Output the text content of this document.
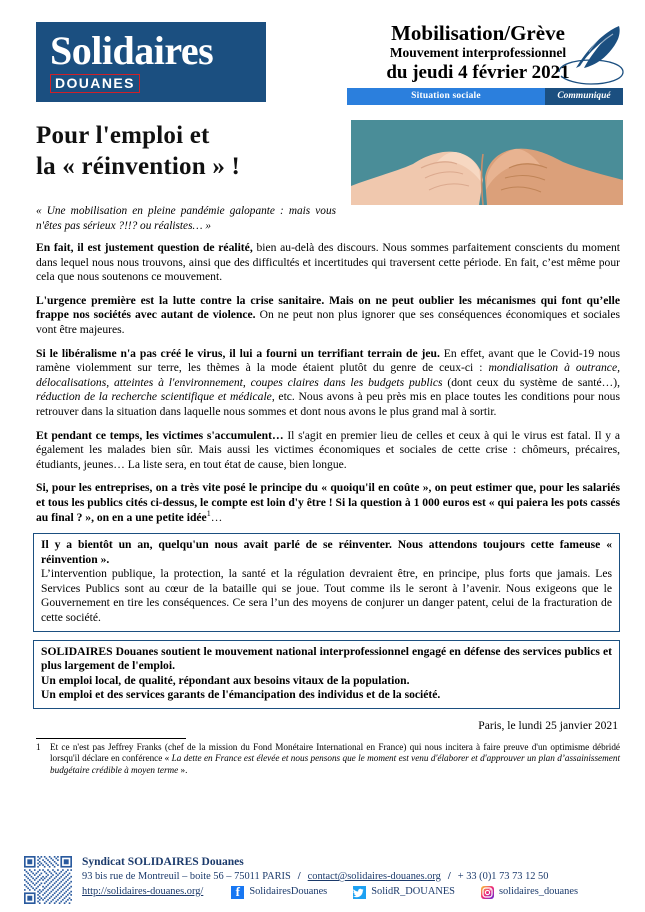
Solidaires
DOUANES
Mobilisation/Grève
Mouvement interprofessionnel
du jeudi 4 février 2021
Situation sociale	Communiqué
Pour l'emploi et
la « réinvention » !
« Une mobilisation en pleine pandémie galopante : mais vous n'êtes pas sérieux ?!!? ou réalistes… »

En fait, il est justement question de réalité, bien au-delà des discours. Nous sommes parfaitement conscients du moment dans lequel nous nous trouvons, ainsi que des difficultés et incertitudes qui traversent cette période. En fait, c’est même pour cela que nous soutenons ce mouvement.

L'urgence première est la lutte contre la crise sanitaire. Mais on ne peut oublier les mécanismes qui font qu’elle frappe nos sociétés avec autant de violence. On ne peut non plus ignorer que ses conséquences économiques et sociales vont être majeures.

Si le libéralisme n'a pas créé le virus, il lui a fourni un terrifiant terrain de jeu. En effet, avant que le Covid-19 nous ramène violemment sur terre, les thèmes à la mode étaient plutôt du genre de ceux-ci : mondialisation à outrance, délocalisations, atteintes à l'environnement, coupes claires dans les budgets publics (dont ceux du système de santé…), réduction de la recherche scientifique et médicale, etc. Nous avons à peu près mis en place toutes les conditions pour nous retrouver dans la situation dans laquelle nous sommes et dont nous avons le plus grand mal à sortir.

Et pendant ce temps, les victimes s'accumulent… Il s'agit en premier lieu de celles et ceux à qui le virus est fatal. Il y a également les malades bien sûr. Mais aussi les victimes économiques et sociales de cette crise : chômeurs, précaires, étudiants, jeunes… La liste sera, en tout état de cause, bien longue.

Si, pour les entreprises, on a très vite posé le principe du « quoiqu'il en coûte », on peut estimer que, pour les salariés et tous les publics cités ci-dessus, le compte est loin d'y être ! Si la question à 1 000 euros est « qui paiera les pots cassés au final ? », on en a une petite idée$^1$…

Il y a bientôt un an, quelqu'un nous avait parlé de se réinventer. Nous attendons toujours cette fameuse « réinvention ».

L’intervention publique, la protection, la santé et la régulation devraient être, en principe, plus forts que jamais. Les Services Publics sont au cœur de la bataille qui se joue. Tout comme ils le seront à l’avenir. Nous exigeons que le Gouvernement en tire les conséquences. Ce sera l’un des moyens de conjurer un danger patent, celui de la fracturation de cette société.

SOLIDAIRES Douanes soutient le mouvement national interprofessionnel engagé en défense des services publics et plus largement de l'emploi.

Un emploi local, de qualité, répondant aux besoins vitaux de la population.

Un emploi et des services garants de l'émancipation des individus et de la société.

Paris, le lundi 25 janvier 2021
1	Et ce n'est pas Jeffrey Franks (chef de la mission du Fond Monétaire International en France) qui nous incitera à faire preuve d'un optimisme débridé lorsqu'il déclare en conférence « La dette en France est élevée et nous pensons que le moment est venu d'élaborer et d'approuver un plan d’assainissement budgétaire crédible à moyen terme ».
Syndicat SOLIDAIRES Douanes
93 bis rue de Montreuil – boite 56 – 75011 PARIS / contact@solidaires-douanes.org / + 33 (0)1 73 73 12 50
http://solidaires-douanes.org/ f	SolidairesDouanes	SolidR_DOUANES	solidaires_douanes
